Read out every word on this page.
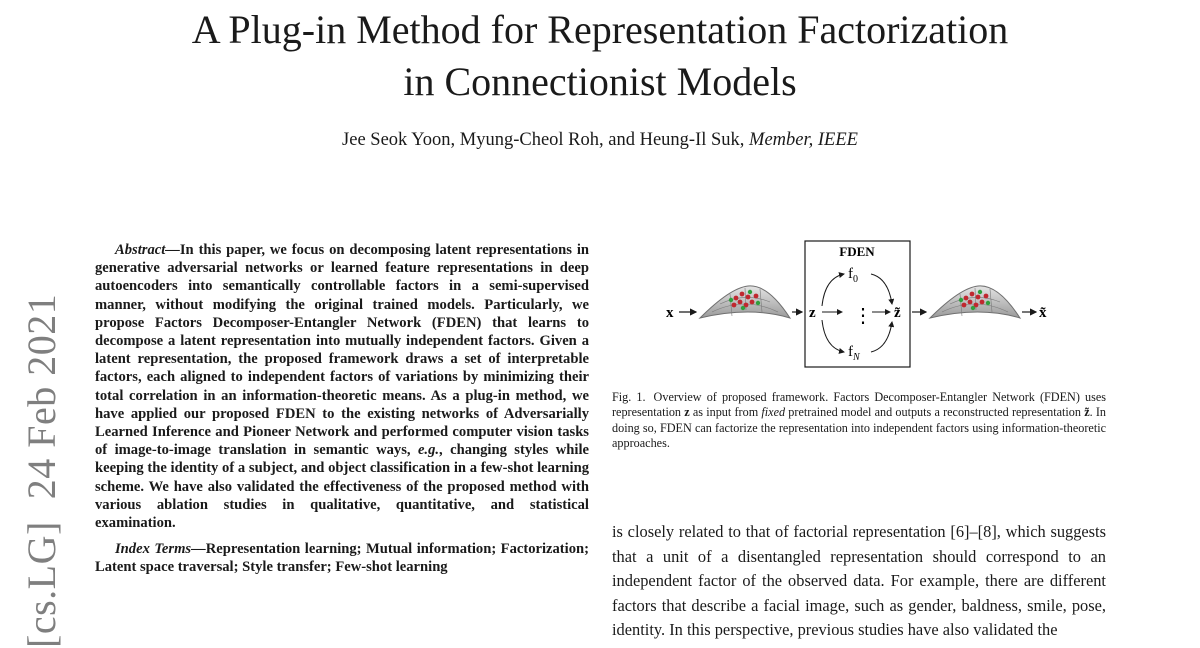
A Plug-in Method for Representation Factorization
in Connectionist Models
Jee Seok Yoon, Myung-Cheol Roh, and Heung-Il Suk, Member, IEEE
[cs.LG]24 Feb 2021

Abstract—In this paper, we focus on decomposing latent representations in generative adversarial networks or learned feature representations in deep autoencoders into semantically controllable factors in a semi-supervised manner, without modifying the original trained models. Particularly, we propose Factors Decomposer-Entangler Network (FDEN) that learns to decompose a latent representation into mutually independent factors. Given a latent representation, the proposed framework draws a set of interpretable factors, each aligned to independent factors of variations by minimizing their total correlation in an information-theoretic means. As a plug-in method, we have applied our proposed FDEN to the existing networks of Adversarially Learned Inference and Pioneer Network and performed computer vision tasks of image-to-image translation in semantic ways, e.g., changing styles while keeping the identity of a subject, and object classification in a few-shot learning scheme. We have also validated the effectiveness of the proposed method with various ablation studies in qualitative, quantitative, and statistical examination.

Index Terms—Representation learning; Mutual information; Factorization; Latent space traversal; Style transfer; Few-shot learning

x
FDEN
z	z̃
$f_0$
$f_N$
⋮	x̃
Fig. 1. Overview of proposed framework. Factors Decomposer-Entangler Network (FDEN) uses representation z as input from fixed pretrained model and outputs a reconstructed representation z̃. In doing so, FDEN can factorize the representation into independent factors using information-theoretic approaches.

is closely related to that of factorial representation [6]–[8], which suggests that a unit of a disentangled representation should correspond to an independent factor of the observed data. For example, there are different factors that describe a facial image, such as gender, baldness, smile, pose, identity. In this perspective, previous studies have also validated the
